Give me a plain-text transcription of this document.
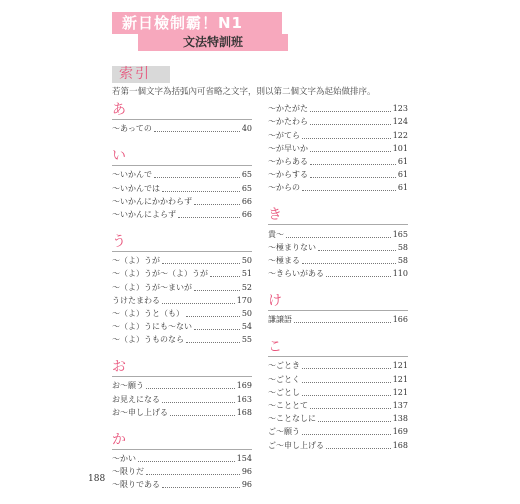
新日檢制霸！N1
文法特訓班
索引
若第一個文字為括弧內可省略之文字，則以第二個文字為起始做排序。
あ
～あっての	40
い
～いかんで	65
～いかんでは	65
～いかんにかかわらず	66
～いかんによらず	66
う
～（よ）うが	50
～（よ）うが～（よ）うが	51
～（よ）うが～まいが	52
うけたまわる	170
～（よ）うと（も）	50
～（よ）うにも～ない	54
～（よ）うものなら	55
お
お～願う	169
お見えになる	163
お～申し上げる	168
か
～かい	154
～限りだ	96
～限りである	96
～かたがた	123
～かたわら	124
～がてら	122
～が早いか	101
～からある	61
～からする	61
～からの	61
き
貴～	165
～極まりない	58
～極まる	58
～きらいがある	110
け
謙譲語	166
こ
～ごとき	121
～ごとく	121
～ごとし	121
～こととて	137
～ことなしに	138
ご～願う	169
ご～申し上げる	168
188
